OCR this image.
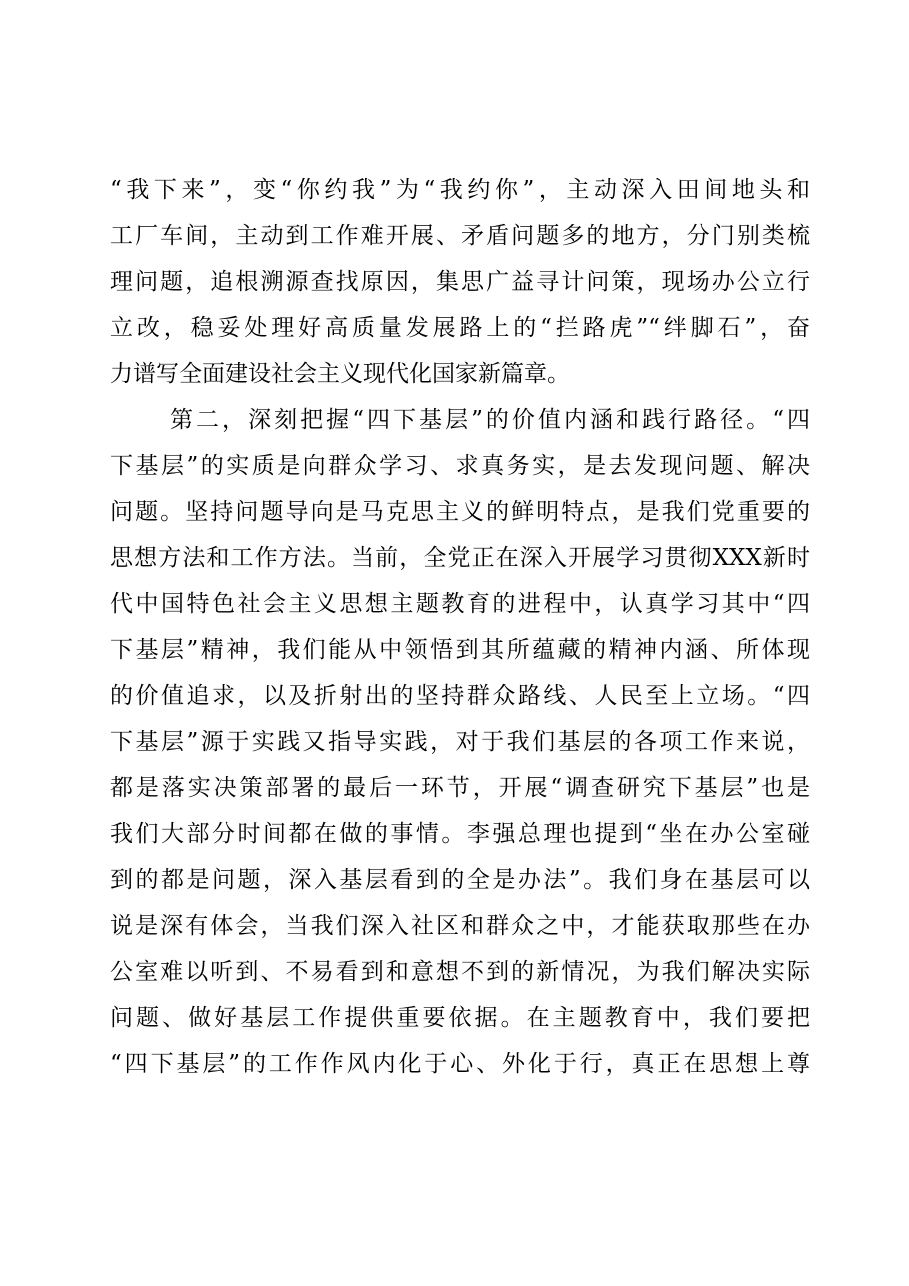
“我下来”，变“你约我”为“我约你”，主动深入田间地头和
工厂车间，主动到工作难开展、矛盾问题多的地方，分门别类梳
理问题，追根溯源查找原因，集思广益寻计问策，现场办公立行
立改，稳妥处理好高质量发展路上的“拦路虎”“绊脚石”，奋
力谱写全面建设社会主义现代化国家新篇章。
第二，深刻把握“四下基层”的价值内涵和践行路径。“四
下基层”的实质是向群众学习、求真务实，是去发现问题、解决
问题。坚持问题导向是马克思主义的鲜明特点，是我们党重要的
思想方法和工作方法。当前，全党正在深入开展学习贯彻XXX新时
代中国特色社会主义思想主题教育的进程中，认真学习其中“四
下基层”精神，我们能从中领悟到其所蕴藏的精神内涵、所体现
的价值追求，以及折射出的坚持群众路线、人民至上立场。“四
下基层”源于实践又指导实践，对于我们基层的各项工作来说，
都是落实决策部署的最后一环节，开展“调查研究下基层”也是
我们大部分时间都在做的事情。李强总理也提到“坐在办公室碰
到的都是问题，深入基层看到的全是办法”。我们身在基层可以
说是深有体会，当我们深入社区和群众之中，才能获取那些在办
公室难以听到、不易看到和意想不到的新情况，为我们解决实际
问题、做好基层工作提供重要依据。在主题教育中，我们要把
“四下基层”的工作作风内化于心、外化于行，真正在思想上尊
